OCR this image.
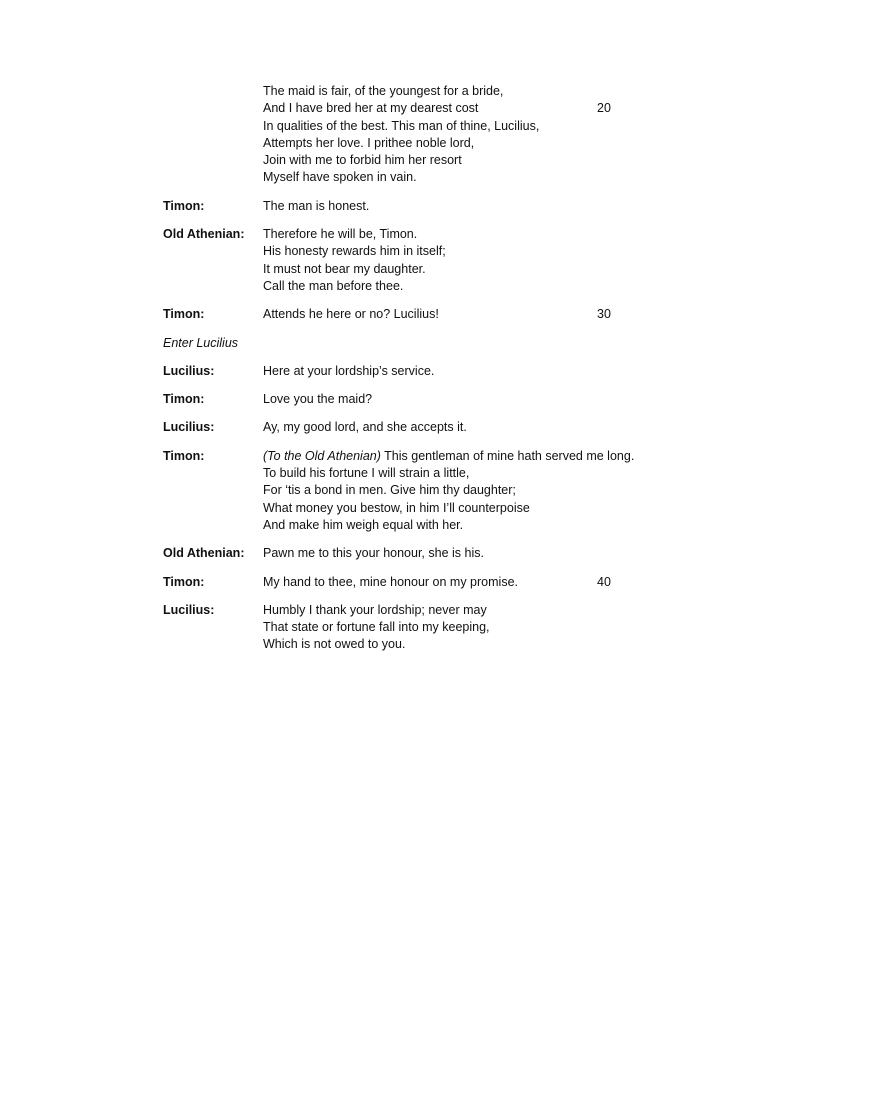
The maid is fair, of the youngest for a bride,
And I have bred her at my dearest cost	20
In qualities of the best. This man of thine, Lucilius,
Attempts her love. I prithee noble lord,
Join with me to forbid him her resort
Myself have spoken in vain.
Timon:	The man is honest.
Old Athenian:	Therefore he will be, Timon.
His honesty rewards him in itself;
It must not bear my daughter.
Call the man before thee.
Timon:	Attends he here or no? Lucilius!	30
Enter Lucilius
Lucilius:	Here at your lordship’s service.
Timon:	Love you the maid?
Lucilius:	Ay, my good lord, and she accepts it.
Timon:	(To the Old Athenian) This gentleman of mine hath served me long.
To build his fortune I will strain a little,
For ‘tis a bond in men. Give him thy daughter;
What money you bestow, in him I’ll counterpoise
And make him weigh equal with her.
Old Athenian:	Pawn me to this your honour, she is his.
Timon:	My hand to thee, mine honour on my promise.	40
Lucilius:	Humbly I thank your lordship; never may
That state or fortune fall into my keeping,
Which is not owed to you.
